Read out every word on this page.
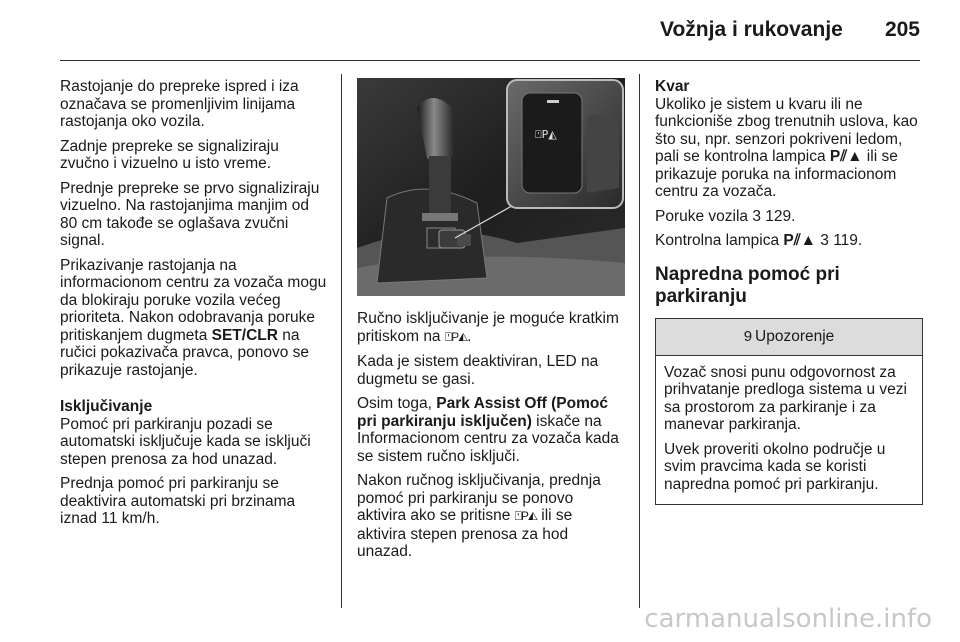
Vožnja i rukovanje 205

Rastojanje do prepreke ispred i iza označava se promenljivim linijama rastojanja oko vozila.

Zadnje prepreke se signaliziraju zvučno i vizuelno u isto vreme.

Prednje prepreke se prvo signaliziraju vizuelno. Na rastojanjima manjim od 80 cm takođe se oglašava zvučni signal.

Prikazivanje rastojanja na informacionom centru za vozača mogu da blokiraju poruke vozila većeg prioriteta. Nakon odobravanja poruke pritiskanjem dugmeta SET/CLR na ručici pokazivača pravca, ponovo se prikazuje rastojanje.

Isključivanje

Pomoć pri parkiranju pozadi se automatski isključuje kada se isključi stepen prenosa za hod unazad.

Prednja pomoć pri parkiranju se deaktivira automatski pri brzinama iznad 11 km/h.

⍞P◭

Ručno isključivanje je moguće kratkim pritiskom na ⍞P◭.

Kada je sistem deaktiviran, LED na dugmetu se gasi.

Osim toga, Park Assist Off (Pomoć pri parkiranju isključen) iskače na Informacionom centru za vozača kada se sistem ručno isključi.

Nakon ručnog isključivanja, prednja pomoć pri parkiranju se ponovo aktivira ako se pritisne ⍞P◭ ili se aktivira stepen prenosa za hod unazad.

Kvar

Ukoliko je sistem u kvaru ili ne funkcioniše zbog trenutnih uslova, kao što su, npr. senzori pokriveni ledom, pali se kontrolna lampica P⫽▲ ili se prikazuje poruka na informacionom centru za vozača.

Poruke vozila 3 129.

Kontrolna lampica P⫽▲ 3 119.

Napredna pomoć pri parkiranju
9 Upozorenje

Vozač snosi punu odgovornost za prihvatanje predloga sistema u vezi sa prostorom za parkiranje i za manevar parkiranja.

Uvek proveriti okolno područje u svim pravcima kada se koristi napredna pomoć pri parkiranju.

carmanualsonline.info
